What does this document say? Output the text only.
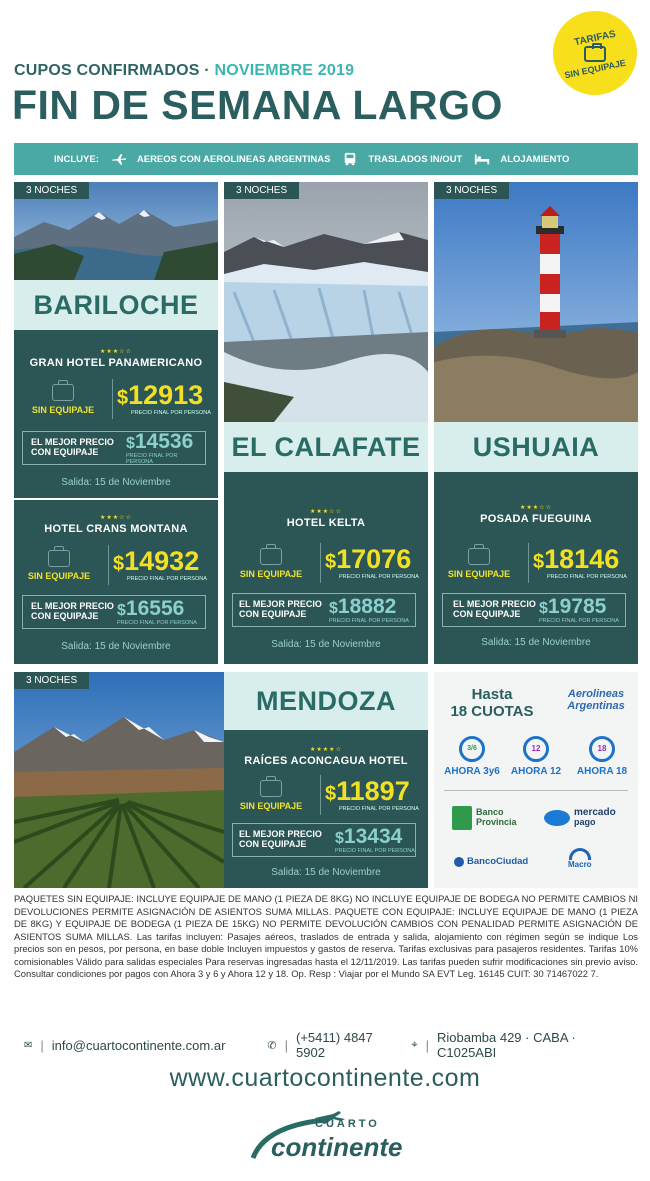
CUPOS CONFIRMADOS · NOVIEMBRE 2019
FIN DE SEMANA LARGO
TARIFAS
SIN EQUIPAJE
INCLUYE:	AEREOS CON AEROLINEAS ARGENTINAS	TRASLADOS IN/OUT	ALOJAMIENTO
3 NOCHES
BARILOCHE
★★★☆☆
GRAN HOTEL PANAMERICANO
SIN EQUIPAJE
$12913
PRECIO FINAL POR PERSONA
EL MEJOR PRECIO
CON EQUIPAJE	$14536
PRECIO FINAL POR PERSONA
Salida: 15 de Noviembre
★★★☆☆
HOTEL CRANS MONTANA
SIN EQUIPAJE
$14932
PRECIO FINAL POR PERSONA
EL MEJOR PRECIO
CON EQUIPAJE	$16556
PRECIO FINAL POR PERSONA
Salida: 15 de Noviembre
3 NOCHES
EL CALAFATE
★★★☆☆
HOTEL KELTA
SIN EQUIPAJE
$17076
PRECIO FINAL POR PERSONA
EL MEJOR PRECIO
CON EQUIPAJE	$18882
PRECIO FINAL POR PERSONA
Salida: 15 de Noviembre
3 NOCHES
USHUAIA
★★★☆☆
POSADA FUEGUINA
SIN EQUIPAJE
$18146
PRECIO FINAL POR PERSONA
EL MEJOR PRECIO
CON EQUIPAJE	$19785
PRECIO FINAL POR PERSONA
Salida: 15 de Noviembre
3 NOCHES
MENDOZA
★★★★☆
RAÍCES ACONCAGUA HOTEL
SIN EQUIPAJE
$11897
PRECIO FINAL POR PERSONA
EL MEJOR PRECIO
CON EQUIPAJE	$13434
PRECIO FINAL POR PERSONA
Salida: 15 de Noviembre
Hasta
18 CUOTAS
Aerolineas
Argentinas
3/6
AHORA 3y6
12
AHORA 12
18
AHORA 18
Banco
Provincia
mercado
pago
BancoCiudad	Macro
PAQUETES SIN EQUIPAJE: INCLUYE EQUIPAJE DE MANO (1 PIEZA DE 8KG) NO INCLUYE EQUIPAJE DE BODEGA NO PERMITE CAMBIOS NI DEVOLUCIONES PERMITE ASIGNACIÓN DE ASIENTOS SUMA MILLAS. PAQUETE CON EQUIPAJE: INCLUYE EQUIPAJE DE MANO (1 PIEZA DE 8KG) Y EQUIPAJE DE BODEGA (1 PIEZA DE 15KG) NO PERMITE DEVOLUCIÓN CAMBIOS CON PENALIDAD PERMITE ASIGNACIÓN DE ASIENTOS SUMA MILLAS. Las tarifas incluyen: Pasajes aéreos, traslados de entrada y salida, alojamiento con régimen según se indique Los precios son en pesos, por persona, en base doble Incluyen impuestos y gastos de reserva. Tarifas exclusivas para pasajeros residentes. Tarifas 10% comisionables Válido para salidas especiales Para reservas ingresadas hasta el 12/11/2019. Las tarifas pueden sufrir modificaciones sin previo aviso. Consultar condiciones por pagos con Ahora 3 y 6 y Ahora 12 y 18. Op. Resp : Viajar por el Mundo SA EVT Leg. 16145 CUIT: 30 71467022 7.
✉ | info@cuartocontinente.com.ar	✆ | (+5411) 4847 5902
⌖ | Riobamba 429 · CABA · C1025ABI
www.cuartocontinente.com
CUARTO
continente
